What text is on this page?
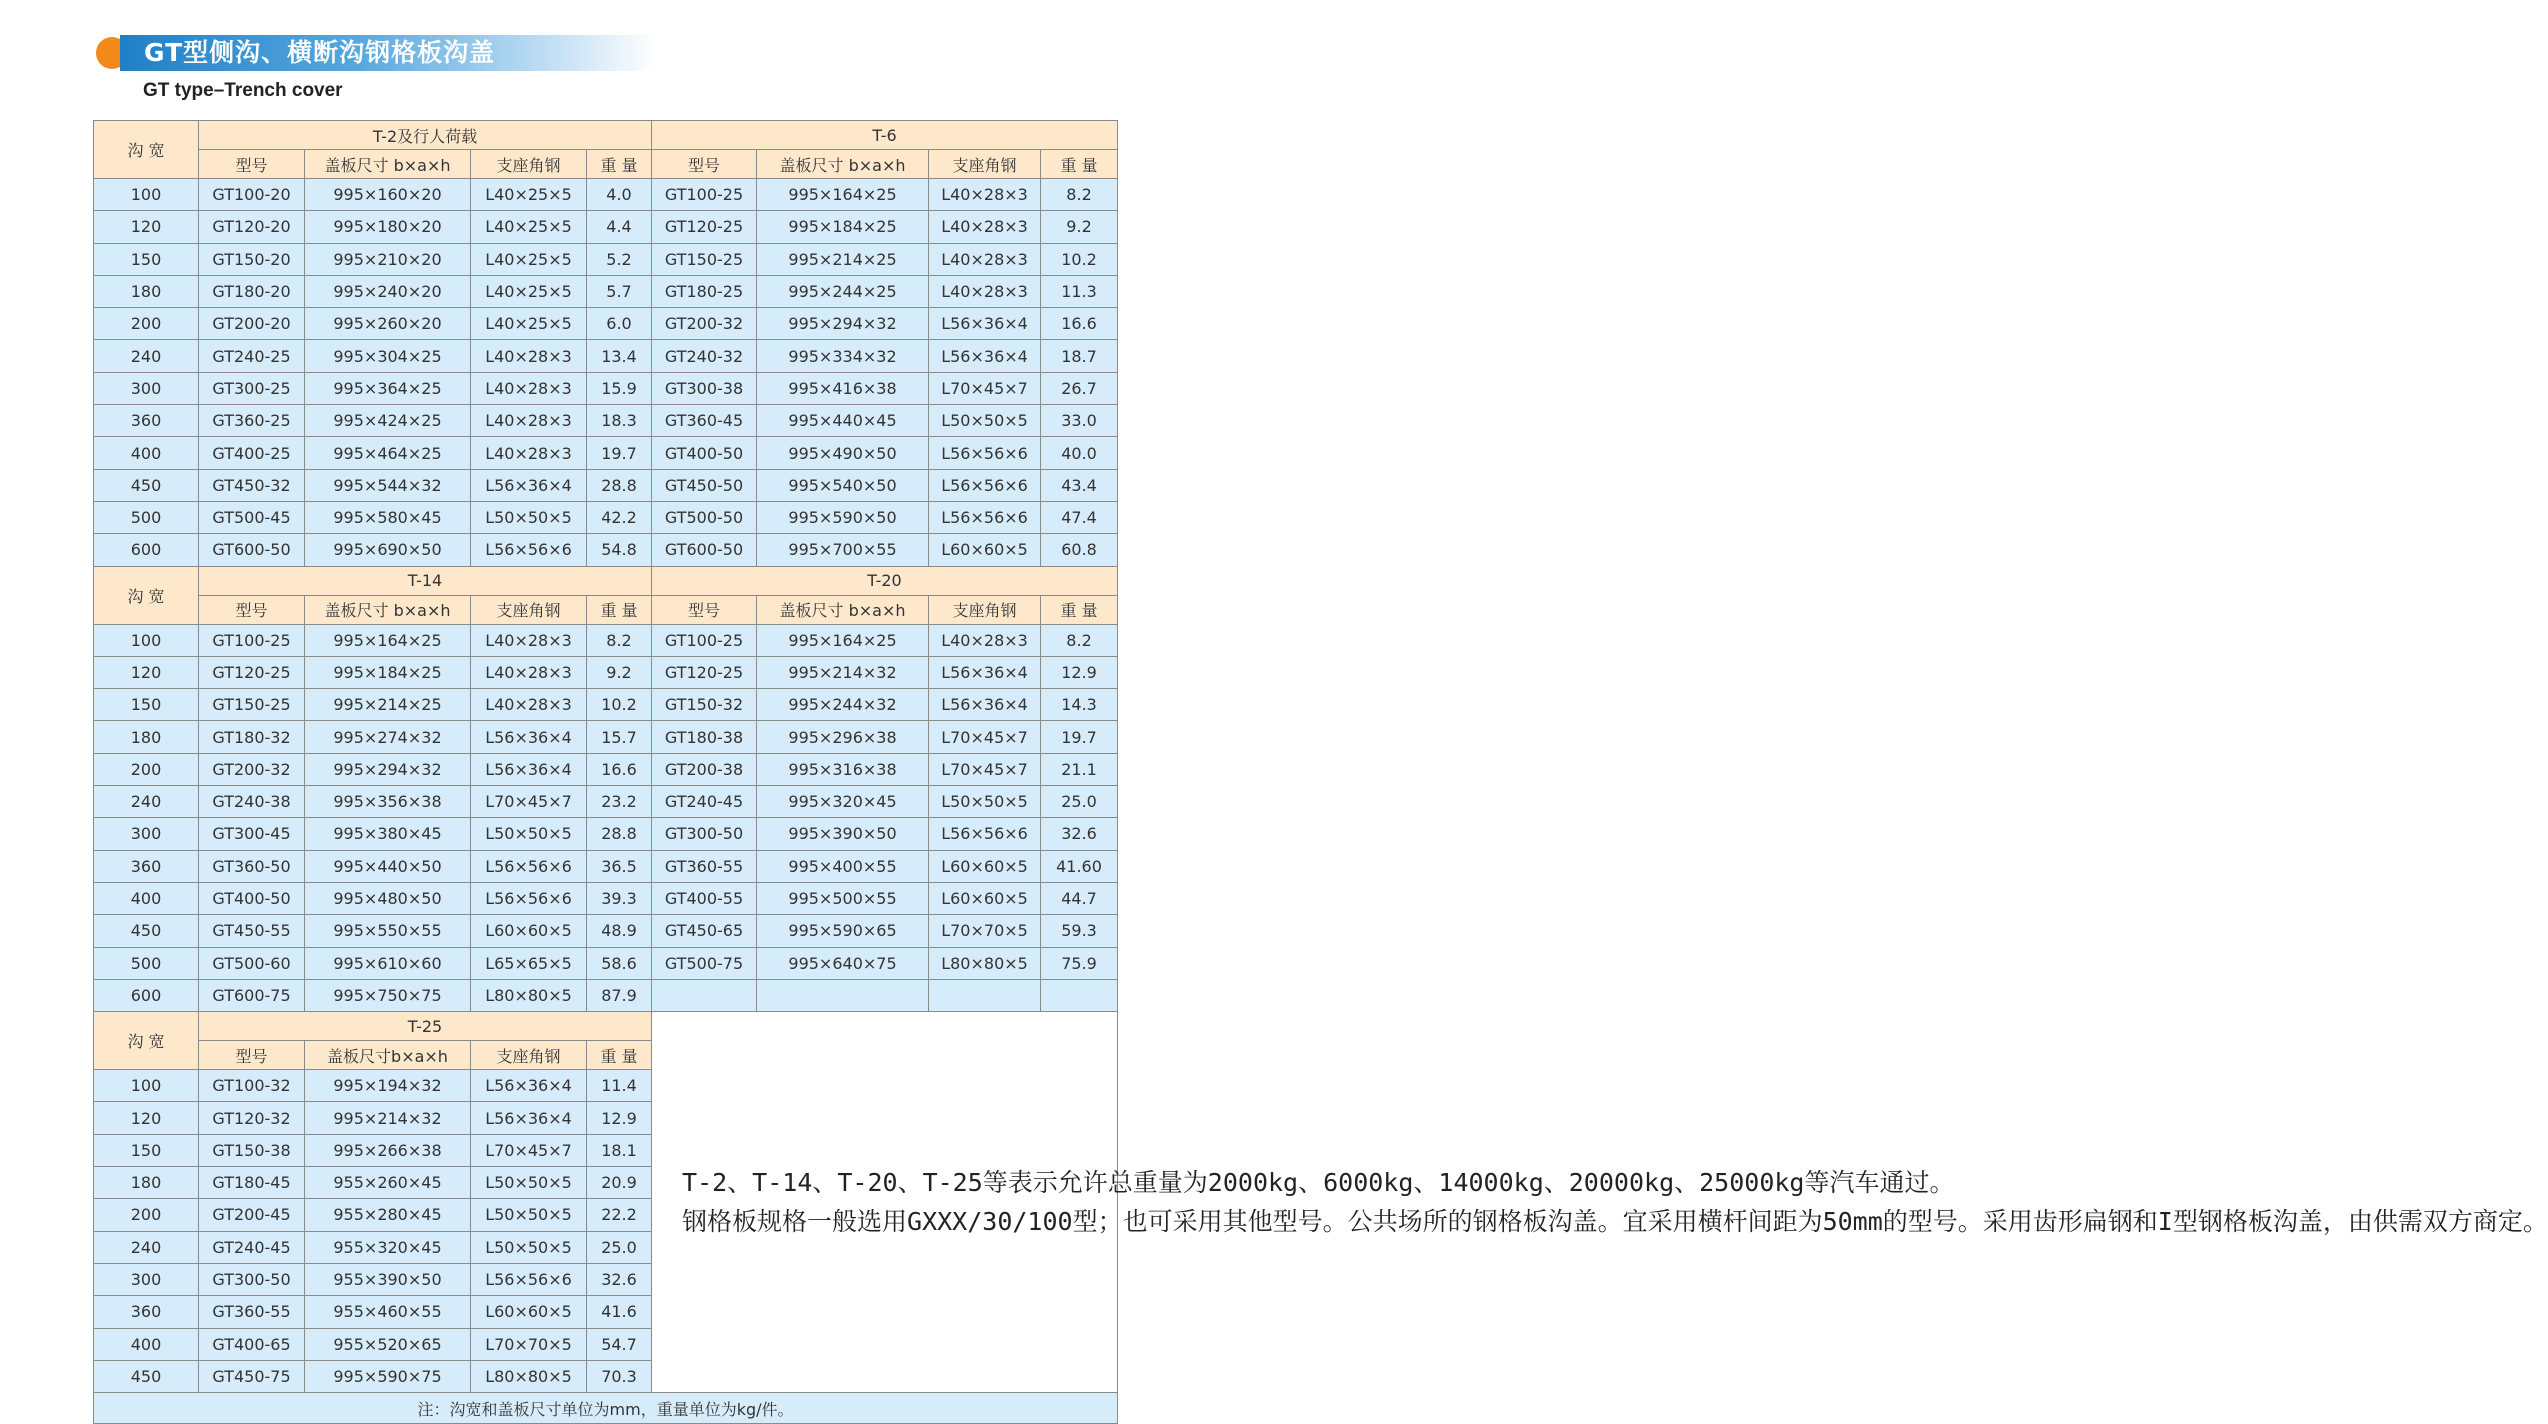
GT型侧沟、横断沟钢格板沟盖
GT type–Trench cover
沟 宽	T-2及行人荷载				T-6			
	型号	盖板尺寸 b×a×h	支座角钢	重 量	型号	盖板尺寸 b×a×h	支座角钢	重 量
100	GT100-20	995×160×20	L40×25×5	4.0	GT100-25	995×164×25	L40×28×3	8.2
120	GT120-20	995×180×20	L40×25×5	4.4	GT120-25	995×184×25	L40×28×3	9.2
150	GT150-20	995×210×20	L40×25×5	5.2	GT150-25	995×214×25	L40×28×3	10.2
180	GT180-20	995×240×20	L40×25×5	5.7	GT180-25	995×244×25	L40×28×3	11.3
200	GT200-20	995×260×20	L40×25×5	6.0	GT200-32	995×294×32	L56×36×4	16.6
240	GT240-25	995×304×25	L40×28×3	13.4	GT240-32	995×334×32	L56×36×4	18.7
300	GT300-25	995×364×25	L40×28×3	15.9	GT300-38	995×416×38	L70×45×7	26.7
360	GT360-25	995×424×25	L40×28×3	18.3	GT360-45	995×440×45	L50×50×5	33.0
400	GT400-25	995×464×25	L40×28×3	19.7	GT400-50	995×490×50	L56×56×6	40.0
450	GT450-32	995×544×32	L56×36×4	28.8	GT450-50	995×540×50	L56×56×6	43.4
500	GT500-45	995×580×45	L50×50×5	42.2	GT500-50	995×590×50	L56×56×6	47.4
600	GT600-50	995×690×50	L56×56×6	54.8	GT600-50	995×700×55	L60×60×5	60.8
沟 宽	T-14				T-20			
	型号	盖板尺寸 b×a×h	支座角钢	重 量	型号	盖板尺寸 b×a×h	支座角钢	重 量
100	GT100-25	995×164×25	L40×28×3	8.2	GT100-25	995×164×25	L40×28×3	8.2
120	GT120-25	995×184×25	L40×28×3	9.2	GT120-25	995×214×32	L56×36×4	12.9
150	GT150-25	995×214×25	L40×28×3	10.2	GT150-32	995×244×32	L56×36×4	14.3
180	GT180-32	995×274×32	L56×36×4	15.7	GT180-38	995×296×38	L70×45×7	19.7
200	GT200-32	995×294×32	L56×36×4	16.6	GT200-38	995×316×38	L70×45×7	21.1
240	GT240-38	995×356×38	L70×45×7	23.2	GT240-45	995×320×45	L50×50×5	25.0
300	GT300-45	995×380×45	L50×50×5	28.8	GT300-50	995×390×50	L56×56×6	32.6
360	GT360-50	995×440×50	L56×56×6	36.5	GT360-55	995×400×55	L60×60×5	41.60
400	GT400-50	995×480×50	L56×56×6	39.3	GT400-55	995×500×55	L60×60×5	44.7
450	GT450-55	995×550×55	L60×60×5	48.9	GT450-65	995×590×65	L70×70×5	59.3
500	GT500-60	995×610×60	L65×65×5	58.6	GT500-75	995×640×75	L80×80×5	75.9
600	GT600-75	995×750×75	L80×80×5	87.9				
沟 宽	T-25				T-2、T-14、T-20、T-25等表示允许总重量为2000kg、6000kg、14000kg、20000kg、25000kg等汽车通过。

钢格板规格一般选用GXXX/30/100型；也可采用其他型号。公共场所的钢格板沟盖。宜采用横杆间距为50mm的型号。采用齿形扁钢和I型钢格板沟盖，由供需双方商定。			

	型号	盖板尺寸b×a×h	支座角钢	重 量				
100	GT100-32	995×194×32	L56×36×4	11.4				
120	GT120-32	995×214×32	L56×36×4	12.9				
150	GT150-38	995×266×38	L70×45×7	18.1				
180	GT180-45	955×260×45	L50×50×5	20.9				
200	GT200-45	955×280×45	L50×50×5	22.2				
240	GT240-45	955×320×45	L50×50×5	25.0				
300	GT300-50	955×390×50	L56×56×6	32.6				
360	GT360-55	955×460×55	L60×60×5	41.6				
400	GT400-65	955×520×65	L70×70×5	54.7				
450	GT450-75	995×590×75	L80×80×5	70.3				
注：沟宽和盖板尺寸单位为mm，重量单位为kg/件。								
